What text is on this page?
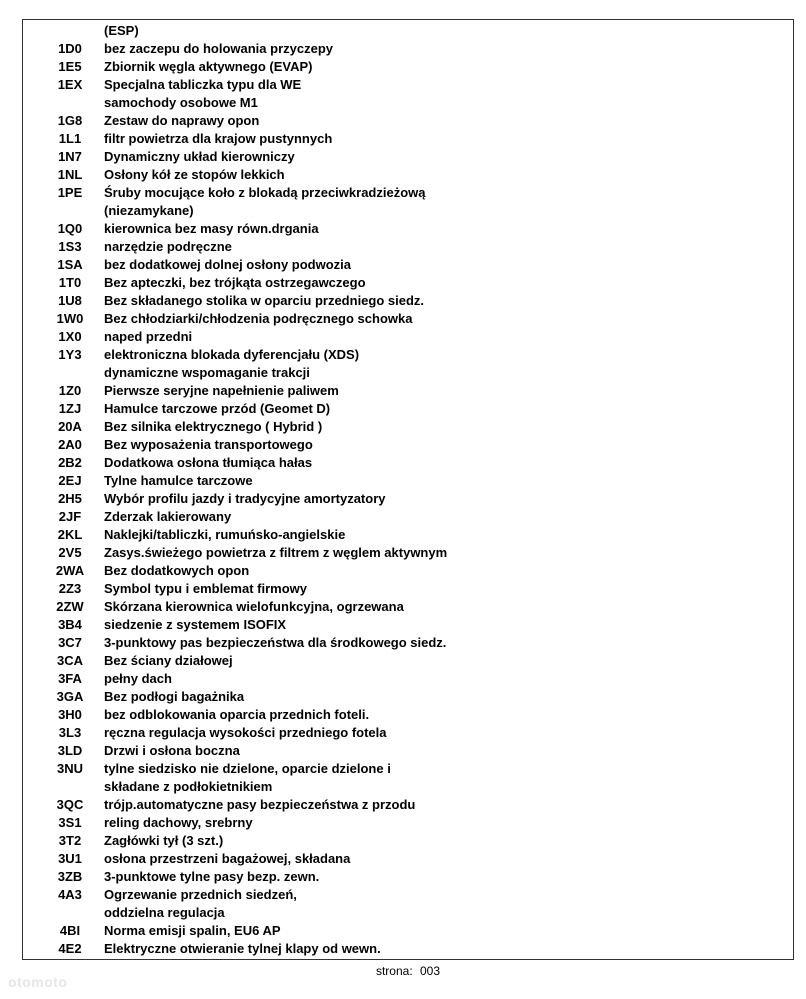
(ESP)
1D0	bez zaczepu do holowania przyczepy
1E5	Zbiornik węgla aktywnego (EVAP)
1EX	Specjalna tabliczka typu dla WE
samochody osobowe M1
1G8	Zestaw do naprawy opon
1L1	filtr powietrza dla krajow pustynnych
1N7	Dynamiczny układ kierowniczy
1NL	Osłony kół ze stopów lekkich
1PE	Śruby mocujące koło z blokadą przeciwkradzieżową
(niezamykane)
1Q0	kierownica bez masy równ.drgania
1S3	narzędzie podręczne
1SA	bez dodatkowej dolnej osłony podwozia
1T0	Bez apteczki, bez trójkąta ostrzegawczego
1U8	Bez składanego stolika w oparciu przedniego siedz.
1W0	Bez chłodziarki/chłodzenia podręcznego schowka
1X0	naped przedni
1Y3	elektroniczna blokada dyferencjału (XDS)
dynamiczne wspomaganie trakcji
1Z0	Pierwsze seryjne napełnienie paliwem
1ZJ	Hamulce tarczowe przód (Geomet D)
20A	Bez silnika elektrycznego ( Hybrid )
2A0	Bez wyposażenia transportowego
2B2	Dodatkowa osłona tłumiąca hałas
2EJ	Tylne hamulce tarczowe
2H5	Wybór profilu jazdy i tradycyjne amortyzatory
2JF	Zderzak lakierowany
2KL	Naklejki/tabliczki, rumuńsko-angielskie
2V5	Zasys.świeżego powietrza z filtrem z węglem aktywnym
2WA	Bez dodatkowych opon
2Z3	Symbol typu i emblemat firmowy
2ZW	Skórzana kierownica wielofunkcyjna, ogrzewana
3B4	siedzenie z systemem ISOFIX
3C7	3-punktowy pas bezpieczeństwa dla środkowego siedz.
3CA	Bez ściany działowej
3FA	pełny dach
3GA	Bez podłogi bagażnika
3H0	bez odblokowania oparcia przednich foteli.
3L3	ręczna regulacja wysokości przedniego fotela
3LD	Drzwi i osłona boczna
3NU	tylne siedzisko nie dzielone, oparcie dzielone i
składane z podłokietnikiem
3QC	trójp.automatyczne pasy bezpieczeństwa z przodu
3S1	reling dachowy, srebrny
3T2	Zagłówki tył (3 szt.)
3U1	osłona przestrzeni bagażowej, składana
3ZB	3-punktowe tylne pasy bezp. zewn.
4A3	Ogrzewanie przednich siedzeń,
oddzielna regulacja
4BI	Norma emisji spalin, EU6 AP
4E2	Elektryczne otwieranie tylnej klapy od wewn.
strona: 003
otomoto
